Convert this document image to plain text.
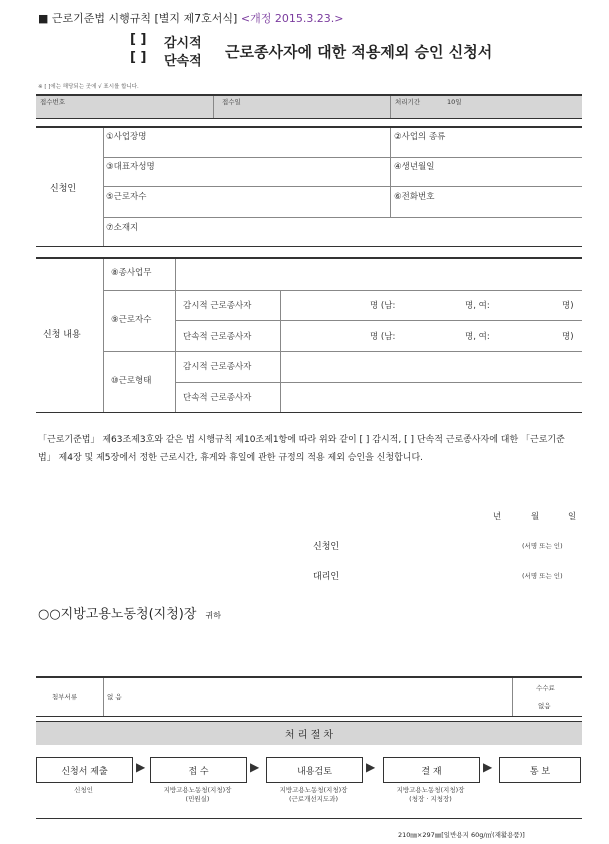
■ 근로기준법 시행규칙 [별지 제7호서식] <개정 2015.3.23.>
[ ]
[ ]
감시적
단속적
근로종사자에 대한 적용제외 승인 신청서
※ [ ]에는 해당되는 곳에 √ 표시를 합니다.
접수번호	접수일	처리기간	10일
신청인
①사업장명	②사업의 종류
③대표자성명	④생년월일
⑤근로자수	⑥전화번호
⑦소재지
신청 내용
⑧종사업무
⑨근로자수
감시적 근로종사자	명 (남:	명, 여:	명)
단속적 근로종사자	명 (남:	명, 여:	명)
⑩근로형태
감시적 근로종사자
단속적 근로종사자
「근로기준법」 제63조제3호와 같은 법 시행규칙 제10조제1항에 따라 위와 같이 [ ] 감시적, [ ] 단속적 근로종사자에 대한 「근로기준법」 제4장 및 제5장에서 정한 근로시간, 휴게와 휴일에 관한 규정의 적용 제외 승인을 신청합니다.
년	월	일
신청인	(서명 또는 인)
대리인	(서명 또는 인)
○○지방고용노동청(지청)장 귀하
첨부서류	없 음
수수료
없음
처 리 절 차
신청서 제출 ▶	접 수	▶	내용검토	▶	결 재	▶	통 보
신청인	지방고용노동청(지청)장
(민원실)
지방고용노동청(지청)장
(근로개선지도과)
지방고용노동청(지청)장
(청장 · 지청장)
210㎜×297㎜[일반용지 60g/㎡(재활용품)]
